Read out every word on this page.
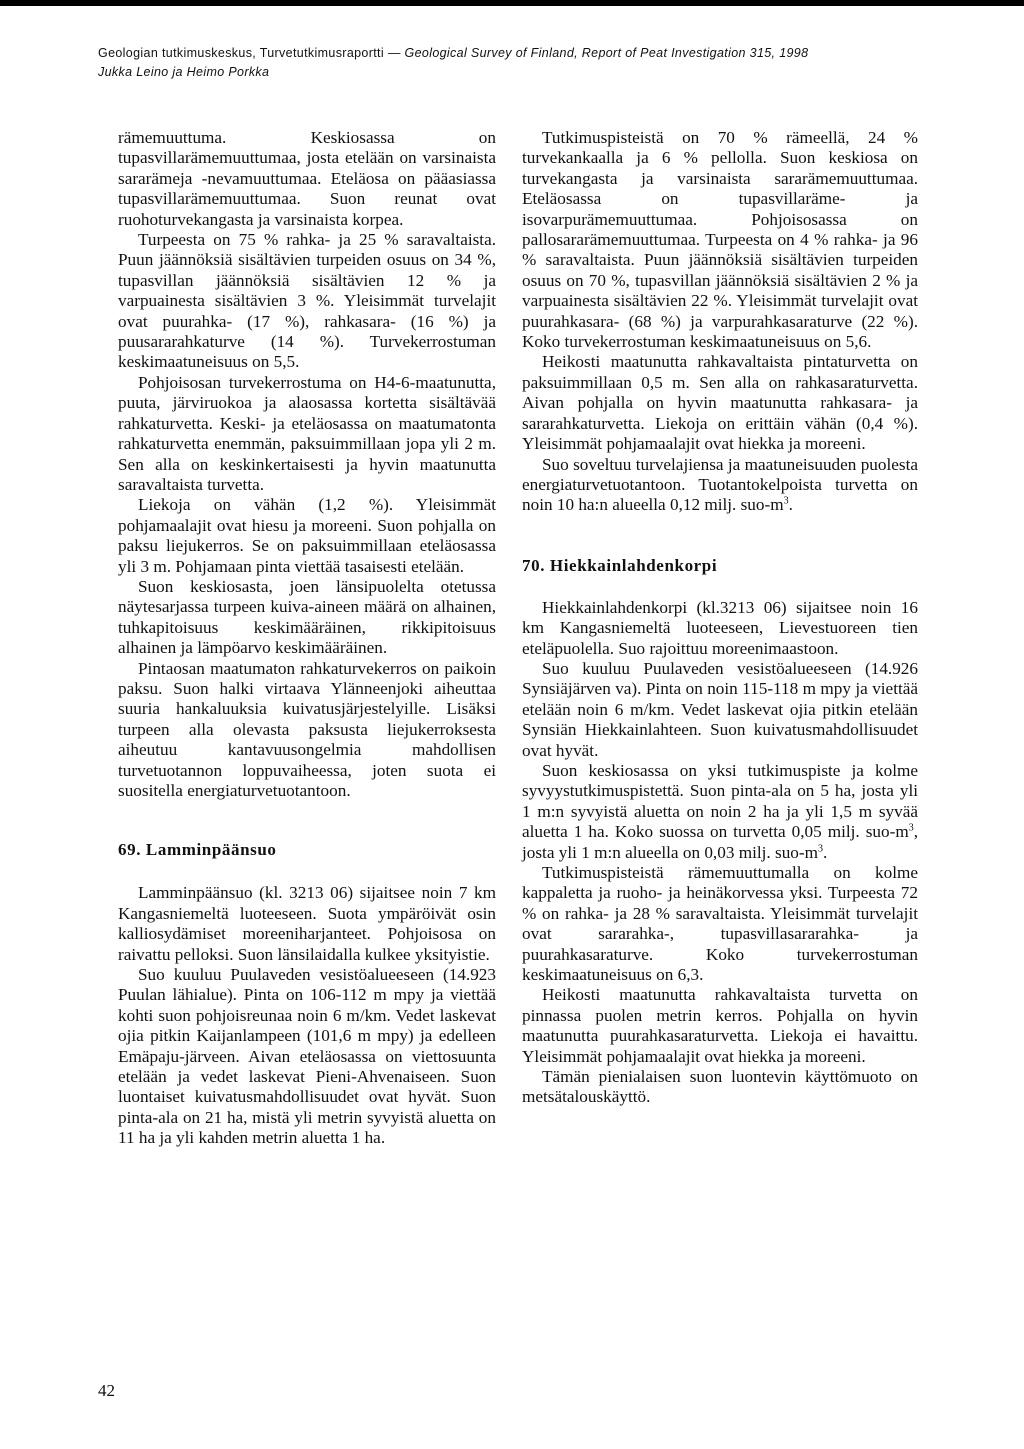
Geologian tutkimuskeskus, Turvetutkimusraportti — Geological Survey of Finland, Report of Peat Investigation 315, 1998
Jukka Leino ja Heimo Porkka

rämemuuttuma. Keskiosassa on tupasvillarämemuuttumaa, josta etelään on varsinaista sararämeja -nevamuuttumaa. Eteläosa on pääasiassa tupasvillarämemuuttumaa. Suon reunat ovat ruohoturvekangasta ja varsinaista korpea.

Turpeesta on 75 % rahka- ja 25 % saravaltaista. Puun jäännöksiä sisältävien turpeiden osuus on 34 %, tupasvillan jäännöksiä sisältävien 12 % ja varpuainesta sisältävien 3 %. Yleisimmät turvelajit ovat puurahka- (17 %), rahkasara- (16 %) ja puusararahkaturve (14 %). Turvekerrostuman keskimaatuneisuus on 5,5.

Pohjoisosan turvekerrostuma on H4-6-maatunutta, puuta, järviruokoa ja alaosassa kortetta sisältävää rahkaturvetta. Keski- ja eteläosassa on maatumatonta rahkaturvetta enemmän, paksuimmillaan jopa yli 2 m. Sen alla on keskinkertaisesti ja hyvin maatunutta saravaltaista turvetta.

Liekoja on vähän (1,2 %). Yleisimmät pohjamaalajit ovat hiesu ja moreeni. Suon pohjalla on paksu liejukerros. Se on paksuimmillaan eteläosassa yli 3 m. Pohjamaan pinta viettää tasaisesti etelään.

Suon keskiosasta, joen länsipuolelta otetussa näytesarjassa turpeen kuiva-aineen määrä on alhainen, tuhkapitoisuus keskimääräinen, rikkipitoisuus alhainen ja lämpöarvo keskimääräinen.

Pintaosan maatumaton rahkaturvekerros on paikoin paksu. Suon halki virtaava Ylänneenjoki aiheuttaa suuria hankaluuksia kuivatusjärjestelyille. Lisäksi turpeen alla olevasta paksusta liejukerroksesta aiheutuu kantavuusongelmia mahdollisen turvetuotannon loppuvaiheessa, joten suota ei suositella energiaturvetuotantoon.

69. Lamminpäänsuo

Lamminpäänsuo (kl. 3213 06) sijaitsee noin 7 km Kangasniemeltä luoteeseen. Suota ympäröivät osin kalliosydämiset moreeniharjanteet. Pohjoisosa on raivattu pelloksi. Suon länsilaidalla kulkee yksityistie.

Suo kuuluu Puulaveden vesistöalueeseen (14.923 Puulan lähialue). Pinta on 106-112 m mpy ja viettää kohti suon pohjoisreunaa noin 6 m/km. Vedet laskevat ojia pitkin Kaijanlampeen (101,6 m mpy) ja edelleen Emäpaju-järveen. Aivan eteläosassa on viettosuunta etelään ja vedet laskevat Pieni-Ahvenaiseen. Suon luontaiset kuivatusmahdollisuudet ovat hyvät. Suon pinta-ala on 21 ha, mistä yli metrin syvyistä aluetta on 11 ha ja yli kahden metrin aluetta 1 ha.

Tutkimuspisteistä on 70 % rämeellä, 24 % turvekankaalla ja 6 % pellolla. Suon keskiosa on turvekangasta ja varsinaista sararämemuuttumaa. Eteläosassa on tupasvillaräme- ja isovarpurämemuuttumaa. Pohjoisosassa on pallosararämemuuttumaa. Turpeesta on 4 % rahka- ja 96 % saravaltaista. Puun jäännöksiä sisältävien turpeiden osuus on 70 %, tupasvillan jäännöksiä sisältävien 2 % ja varpuainesta sisältävien 22 %. Yleisimmät turvelajit ovat puurahkasara- (68 %) ja varpurahkasaraturve (22 %). Koko turvekerrostuman keskimaatuneisuus on 5,6.

Heikosti maatunutta rahkavaltaista pintaturvetta on paksuimmillaan 0,5 m. Sen alla on rahkasaraturvetta. Aivan pohjalla on hyvin maatunutta rahkasara- ja sararahkaturvetta. Liekoja on erittäin vähän (0,4 %). Yleisimmät pohjamaalajit ovat hiekka ja moreeni.

Suo soveltuu turvelajiensa ja maatuneisuuden puolesta energiaturvetuotantoon. Tuotantokelpoista turvetta on noin 10 ha:n alueella 0,12 milj. suo-$m^3$.

70. Hiekkainlahdenkorpi

Hiekkainlahdenkorpi (kl.3213 06) sijaitsee noin 16 km Kangasniemeltä luoteeseen, Lievestuoreen tien eteläpuolella. Suo rajoittuu moreenimaastoon.

Suo kuuluu Puulaveden vesistöalueeseen (14.926 Synsiäjärven va). Pinta on noin 115-118 m mpy ja viettää etelään noin 6 m/km. Vedet laskevat ojia pitkin etelään Synsiän Hiekkainlahteen. Suon kuivatusmahdollisuudet ovat hyvät.

Suon keskiosassa on yksi tutkimuspiste ja kolme syvyystutkimuspistettä. Suon pinta-ala on 5 ha, josta yli 1 m:n syvyistä aluetta on noin 2 ha ja yli 1,5 m syvää aluetta 1 ha. Koko suossa on turvetta 0,05 milj. suo-$m^3$, josta yli 1 m:n alueella on 0,03 milj. suo-$m^3$.

Tutkimuspisteistä rämemuuttumalla on kolme kappaletta ja ruoho- ja heinäkorvessa yksi. Turpeesta 72 % on rahka- ja 28 % saravaltaista. Yleisimmät turvelajit ovat sararahka-, tupasvillasararahka- ja puurahkasaraturve. Koko turvekerrostuman keskimaatuneisuus on 6,3.

Heikosti maatunutta rahkavaltaista turvetta on pinnassa puolen metrin kerros. Pohjalla on hyvin maatunutta puurahkasaraturvetta. Liekoja ei havaittu. Yleisimmät pohjamaalajit ovat hiekka ja moreeni.

Tämän pienialaisen suon luontevin käyttömuoto on metsätalouskäyttö.

42
